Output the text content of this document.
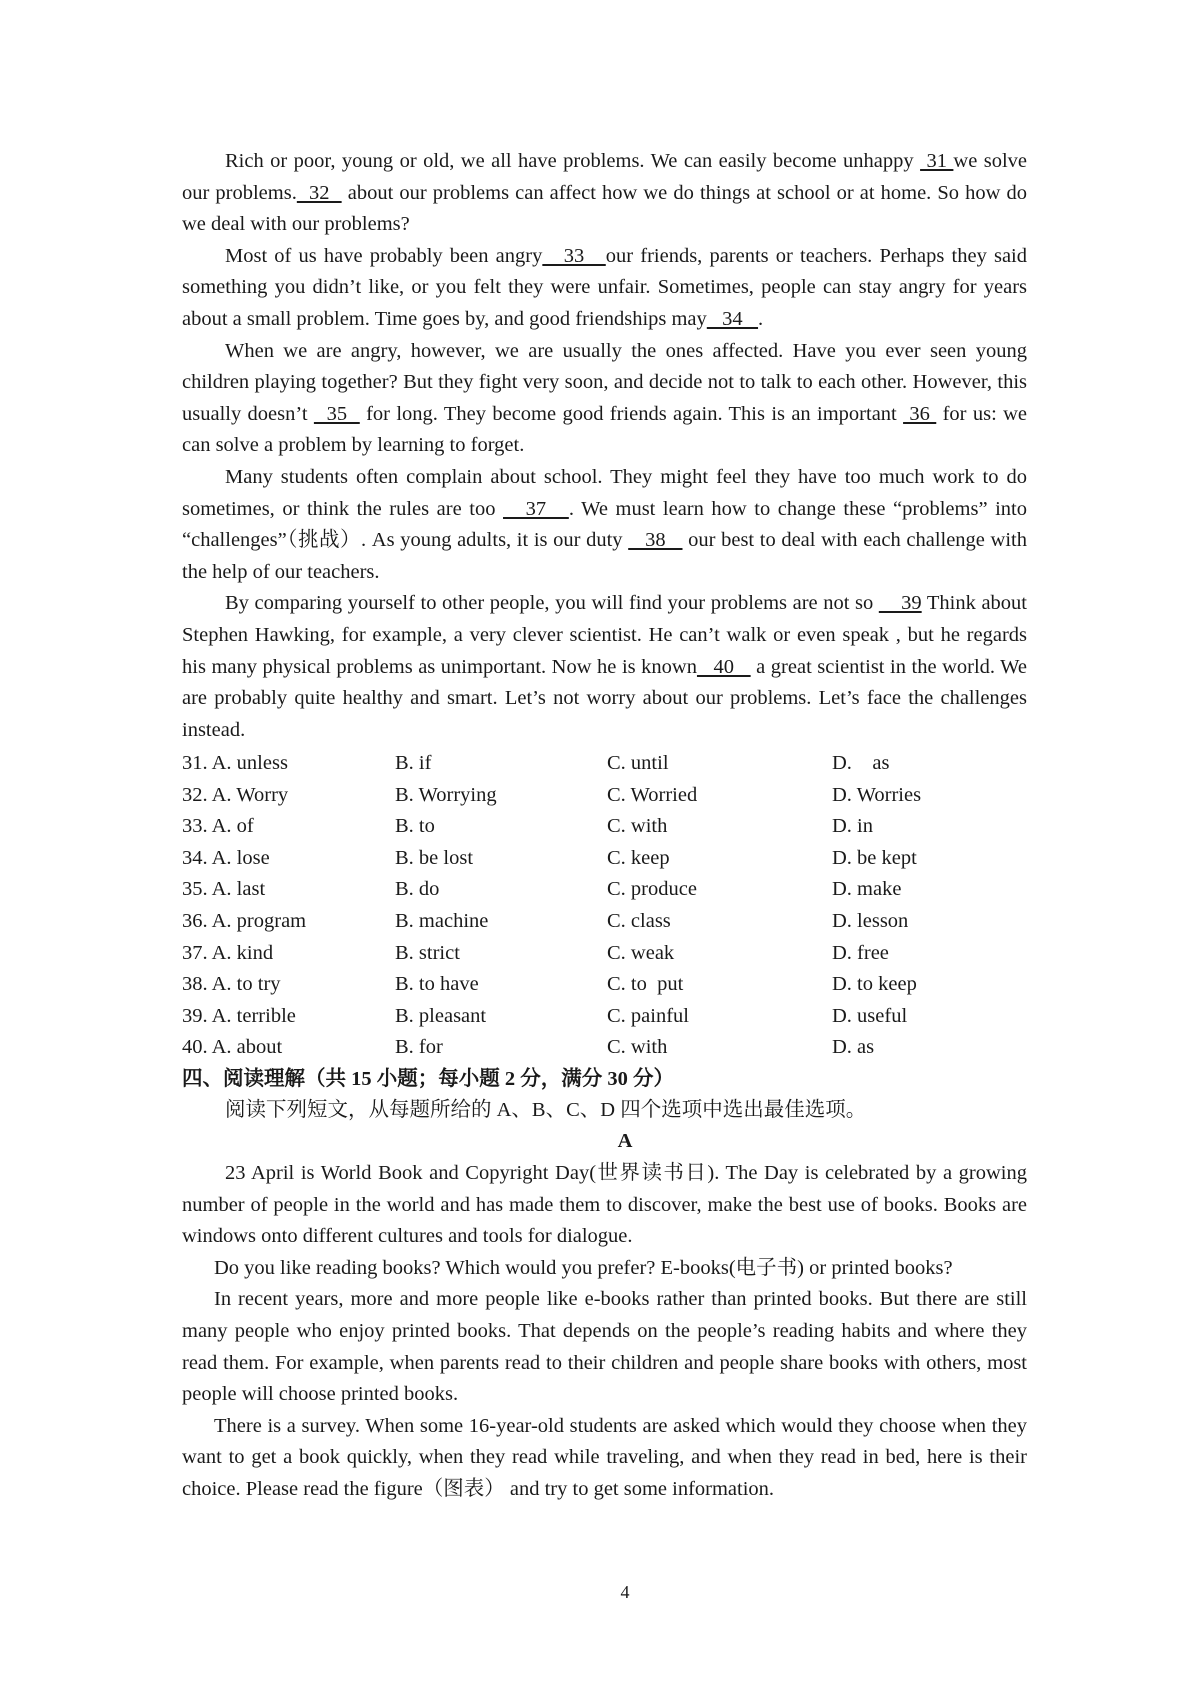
Rich or poor, young or old, we all have problems. We can easily become unhappy  31 we solve our problems.  32   about our problems can affect how we do things at school or at home. So how do we deal with our problems?

Most of us have probably been angry   33   our friends, parents or teachers. Perhaps they said something you didn’t like, or you felt they were unfair. Sometimes, people can stay angry for years about a small problem. Time goes by, and good friendships may   34   .

When we are angry, however, we are usually the ones affected. Have you ever seen young children playing together? But they fight very soon, and decide not to talk to each other. However, this usually doesn’t   35   for long. They become good friends again. This is an important  36  for us: we can solve a problem by learning to forget.

Many students often complain about school. They might feel they have too much work to do sometimes, or think the rules are too    37   . We must learn how to change these “problems” into “challenges”（挑战）. As young adults, it is our duty    38    our best to deal with each challenge with the help of our teachers.

By comparing yourself to other people, you will find your problems are not so     39 Think about Stephen Hawking, for example, a very clever scientist. He can’t walk or even speak , but he regards his many physical problems as unimportant. Now he is known   40    a great scientist in the world. We are probably quite healthy and smart. Let’s not worry about our problems. Let’s face the challenges instead.

31. A. unless

	B. if

	C. until

	D.    as

32. A. Worry

	B. Worrying

	C. Worried

	D. Worries

33. A. of

	B. to

	C. with

	D. in

34. A. lose

	B. be lost

	C. keep

	D. be kept

35. A. last

	B. do

	C. produce

	D. make

36. A. program

	B. machine

	C. class

	D. lesson

37. A. kind

	B. strict

	C. weak

	D. free

38. A. to try

	B. to have

	C. to  put

	D. to keep

39. A. terrible

	B. pleasant

	C. painful

	D. useful

40. A. about

	B. for

	C. with

	D. as

四、阅读理解（共 15 小题；每小题 2 分，满分 30 分）
阅读下列短文，从每题所给的 A、B、C、D 四个选项中选出最佳选项。
A

23 April is World Book and Copyright Day(世界读书日). The Day is celebrated by a growing number of people in the world and has made them to discover, make the best use of books. Books are windows onto different cultures and tools for dialogue.

Do you like reading books? Which would you prefer? E-books(电子书) or printed books?

In recent years, more and more people like e-books rather than printed books. But there are still many people who enjoy printed books. That depends on the people’s reading habits and where they read them. For example, when parents read to their children and people share books with others, most people will choose printed books.

There is a survey. When some 16-year-old students are asked which would they choose when they want to get a book quickly, when they read while traveling, and when they read in bed, here is their choice. Please read the figure（图表） and try to get some information.

4
